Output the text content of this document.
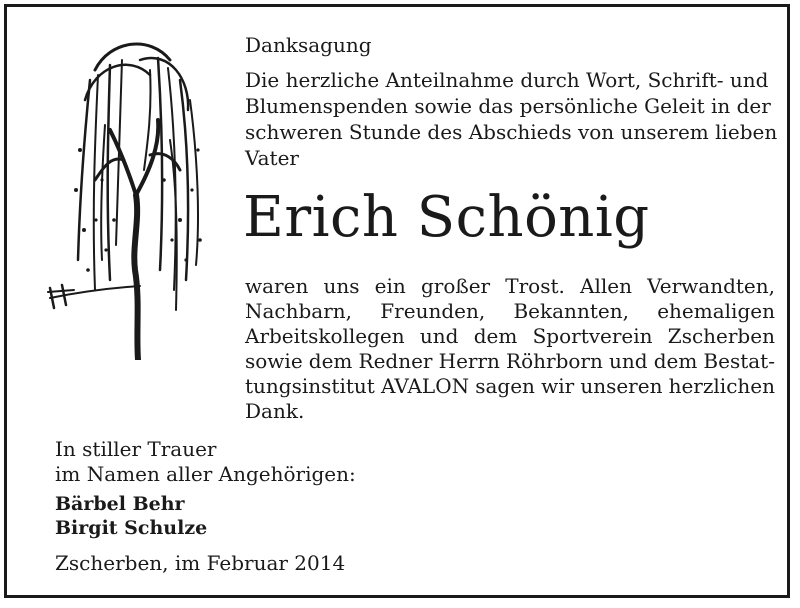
Danksagung
Die herzliche Anteilnahme durch Wort, Schrift- und
Blumenspenden sowie das persönliche Geleit in der
schweren Stunde des Abschieds von unserem lieben
Vater
Erich Schönig
waren uns ein großer Trost. Allen Verwandten,
Nachbarn, Freunden, Bekannten, ehemaligen
Arbeitskollegen und dem Sportverein Zscherben
sowie dem Redner Herrn Röhrborn und dem Bestat-
tungsinstitut AVALON sagen wir unseren herzlichen
Dank.
In stiller Trauer
im Namen aller Angehörigen:
Bärbel Behr
Birgit Schulze
Zscherben, im Februar 2014
